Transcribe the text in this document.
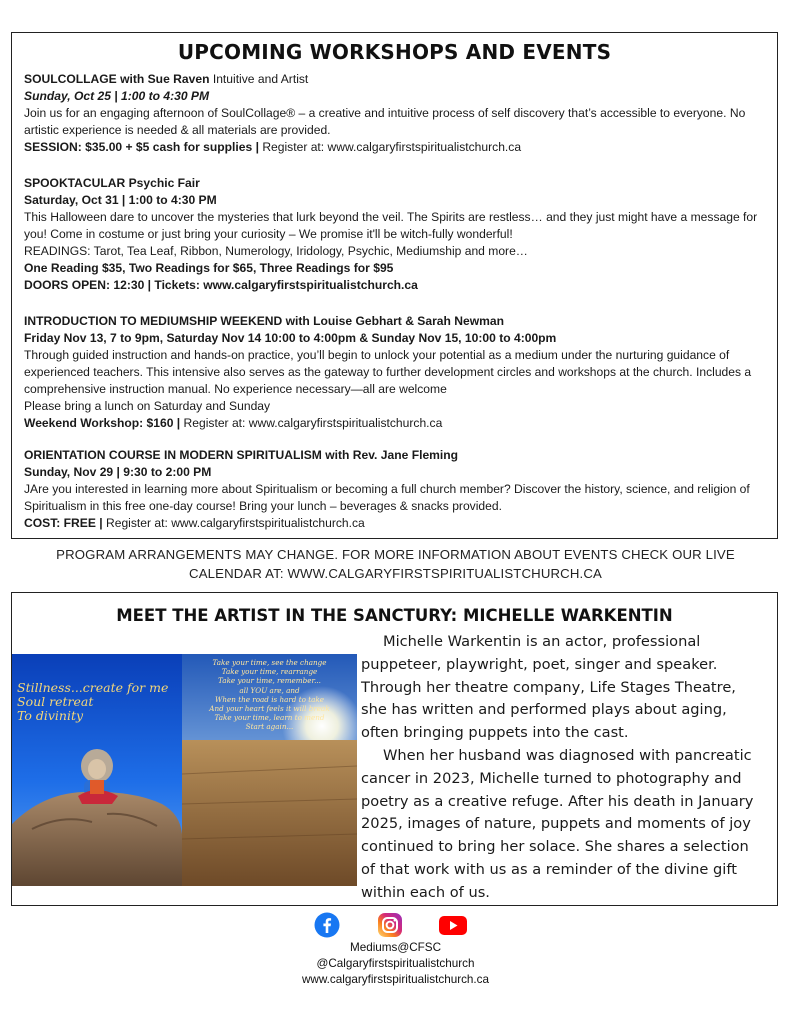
UPCOMING WORKSHOPS AND EVENTS

SOULCOLLAGE with Sue Raven Intuitive and Artist

Sunday, Oct 25 | 1:00 to 4:30 PM

Join us for an engaging afternoon of SoulCollage® – a creative and intuitive process of self discovery that’s accessible to everyone. No artistic experience is needed & all materials are provided.

SESSION: $35.00 + $5 cash for supplies | Register at: www.calgaryfirstspiritualistchurch.ca

SPOOKTACULAR Psychic Fair

Saturday, Oct 31 | 1:00 to 4:30 PM

This Halloween dare to uncover the mysteries that lurk beyond the veil. The Spirits are restless… and they just might have a message for you! Come in costume or just bring your curiosity – We promise it'll be witch-fully wonderful!

READINGS: Tarot, Tea Leaf, Ribbon, Numerology, Iridology, Psychic, Mediumship and more…

One Reading $35, Two Readings for $65, Three Readings for $95

DOORS OPEN: 12:30 | Tickets: www.calgaryfirstspiritualistchurch.ca

INTRODUCTION TO MEDIUMSHIP WEEKEND with Louise Gebhart & Sarah Newman

Friday Nov 13, 7 to 9pm, Saturday Nov 14 10:00 to 4:00pm & Sunday Nov 15, 10:00 to 4:00pm

Through guided instruction and hands-on practice, you’ll begin to unlock your potential as a medium under the nurturing guidance of experienced teachers. This intensive also serves as the gateway to further development circles and workshops at the church. Includes a comprehensive instruction manual. No experience necessary—all are welcome

Please bring a lunch on Saturday and Sunday

Weekend Workshop: $160 | Register at: www.calgaryfirstspiritualistchurch.ca

ORIENTATION COURSE IN MODERN SPIRITUALISM with Rev. Jane Fleming

Sunday, Nov 29 | 9:30 to 2:00 PM

JAre you interested in learning more about Spiritualism or becoming a full church member? Discover the history, science, and religion of Spiritualism in this free one-day course! Bring your lunch – beverages & snacks provided.

COST: FREE | Register at: www.calgaryfirstspiritualistchurch.ca

PROGRAM ARRANGEMENTS MAY CHANGE. FOR MORE INFORMATION ABOUT EVENTS CHECK OUR LIVE
CALENDAR AT: WWW.CALGARYFIRSTSPIRITUALISTCHURCH.CA
MEET THE ARTIST IN THE SANCTURY: MICHELLE WARKENTIN
Stillness...create for me
Soul retreat
To divinity
Take your time, see the change
Take your time, rearrange
Take your time, remember...
all YOU are, and
When the road is hard to take
And your heart feels it will break
Take your time, learn to mend
Start again...

Michelle Warkentin is an actor, professional puppeteer, playwright, poet, singer and speaker. Through her theatre company, Life Stages Theatre, she has written and performed plays about aging, often bringing puppets into the cast.

When her husband was diagnosed with pancreatic cancer in 2023, Michelle turned to photography and poetry as a creative refuge. After his death in January 2025, images of nature, puppets and moments of joy continued to bring her solace. She shares a selection of that work with us as a reminder of the divine gift within each of us.

Mediums@CFSC
@Calgaryfirstspiritualistchurch
www.calgaryfirstspiritualistchurch.ca
